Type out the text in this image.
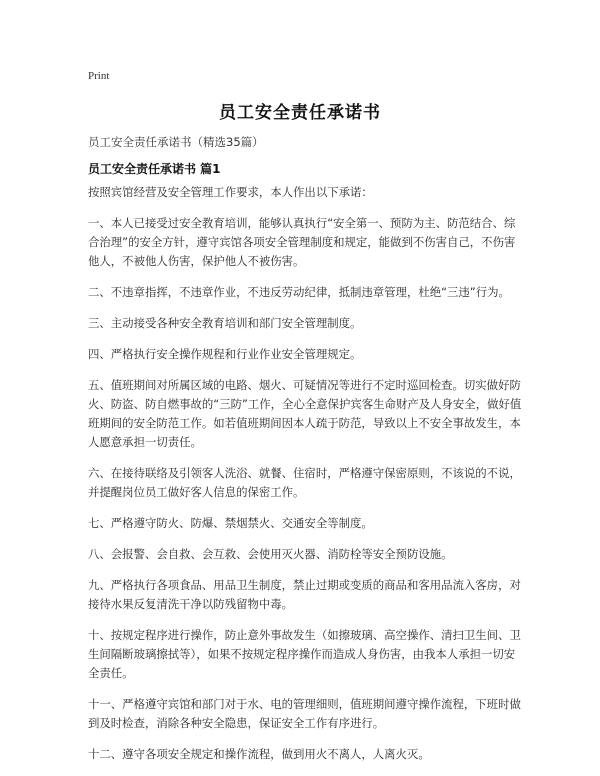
Print
员工安全责任承诺书
员工安全责任承诺书（精选35篇）
员工安全责任承诺书 篇1

按照宾馆经营及安全管理工作要求，本人作出以下承诺：

一、本人已接受过安全教育培训，能够认真执行“安全第一、预防为主、防范结合、综合治理”的安全方针，遵守宾馆各项安全管理制度和规定，能做到不伤害自己，不伤害他人，不被他人伤害，保护他人不被伤害。

二、不违章指挥，不违章作业，不违反劳动纪律，抵制违章管理，杜绝“三违”行为。

三、主动接受各种安全教育培训和部门安全管理制度。

四、严格执行安全操作规程和行业作业安全管理规定。

五、值班期间对所属区域的电路、烟火、可疑情况等进行不定时巡回检查。切实做好防火、防盗、防自燃事故的“三防”工作，全心全意保护宾客生命财产及人身安全，做好值班期间的安全防范工作。如若值班期间因本人疏于防范，导致以上不安全事故发生，本人愿意承担一切责任。

六、在接待联络及引领客人洗浴、就餐、住宿时，严格遵守保密原则，不该说的不说，并提醒岗位员工做好客人信息的保密工作。

七、严格遵守防火、防爆、禁烟禁火、交通安全等制度。

八、会报警、会自救、会互救、会使用灭火器、消防栓等安全预防设施。

九、严格执行各项食品、用品卫生制度，禁止过期或变质的商品和客用品流入客房，对接待水果反复清洗干净以防残留物中毒。

十、按规定程序进行操作，防止意外事故发生（如擦玻璃、高空操作、清扫卫生间、卫生间隔断玻璃擦拭等），如果不按规定程序操作而造成人身伤害，由我本人承担一切安全责任。

十一、严格遵守宾馆和部门对于水、电的管理细则，值班期间遵守操作流程，下班时做到及时检查，消除各种安全隐患，保证安全工作有序进行。

十二、遵守各项安全规定和操作流程，做到用火不离人，人离火灭。
